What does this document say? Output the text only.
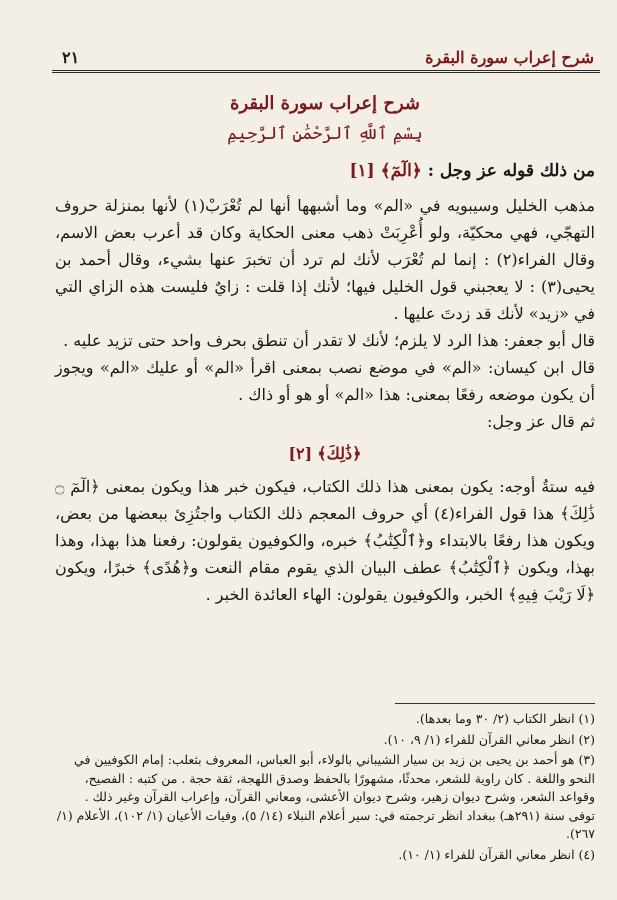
٢١	شرح إعراب سورة البقرة

شرح إعراب سورة البقرة

بِسْمِ ٱللَّهِ ٱلرَّحْمَٰنِ ٱلرَّحِيمِ

من ذلك قوله عز وجل : ﴿الٓمٓ﴾ [١]

مذهب الخليل وسيبويه في «الم» وما أشبهها أنها لم تُعْرَبْ(١) لأنها بمنزلة حروف التهجّي، فهي محكيّة، ولو أُعْرِبَتْ ذهب معنى الحكاية وكان قد أعرب بعض الاسم، وقال الفراء(٢) : إنما لم تُعْرَب لأنك لم ترد أن تخبرَ عنها بشيء، وقال أحمد بن يحيى(٣) : لا يعجبني قول الخليل فيها؛ لأنك إذا قلت : زايٌ فليست هذه الزاي التي في «زيد» لأنك قد زدتَ عليها .

قال أبو جعفر: هذا الرد لا يلزم؛ لأنك لا تقدر أن تنطق بحرف واحد حتى تزيد عليه .

قال ابن كيسان: «الم» في موضع نصب بمعنى اقرأ «الم» أو عليك «الم» ويجوز أن يكون موضعه رفعًا بمعنى: هذا «الم» أو هو أو ذاك .

ثم قال عز وجل:

﴿ذَٰلِكَ﴾ [٢]

فيه ستةُ أوجه: يكون بمعنى هذا ذلك الكتاب، فيكون خبر هذا ويكون بمعنى ﴿الٓمٓ ۝ ذَٰلِكَ﴾ هذا قول الفراء(٤) أي حروف المعجم ذلك الكتاب واجتُزِئ ببعضها من بعض، ويكون هذا رفعًا بالابتداء و﴿ٱلْكِتَٰبُ﴾ خبره، والكوفيون يقولون: رفعنا هذا بهذا، وهذا بهذا، ويكون ﴿ٱلْكِتَٰبُ﴾ عطف البيان الذي يقوم مقام النعت و﴿هُدًى﴾ خبرًا، ويكون ﴿لَا رَيْبَ فِيهِ﴾ الخبر، والكوفيون يقولون: الهاء العائدة الخبر .

(١) انظر الكتاب (٢/ ٣٠ وما بعدها).

(٢) انظر معاني القرآن للفراء (١/ ٩، ١٠).

(٣) هو أحمد بن يحيى بن زيد بن سيار الشيباني بالولاء، أبو العباس، المعروف بثعلب: إمام الكوفيين في النحو واللغة . كان راوية للشعر، محدثًا، مشهورًا بالحفظ وصدق اللهجة، ثقة حجة . من كتبه : الفصيح، وقواعد الشعر، وشرح ديوان زهير، وشرح ديوان الأعشى، ومعاني القرآن، وإعراب القرآن وغير ذلك . توفى سنة (٢٩١هـ) ببغداد انظر ترجمته في: سير أعلام النبلاء (١٤/ ٥)، وفيات الأعيان (١/ ١٠٢)، الأعلام (١/ ٢٦٧).

(٤) انظر معاني القرآن للفراء (١/ ١٠).
